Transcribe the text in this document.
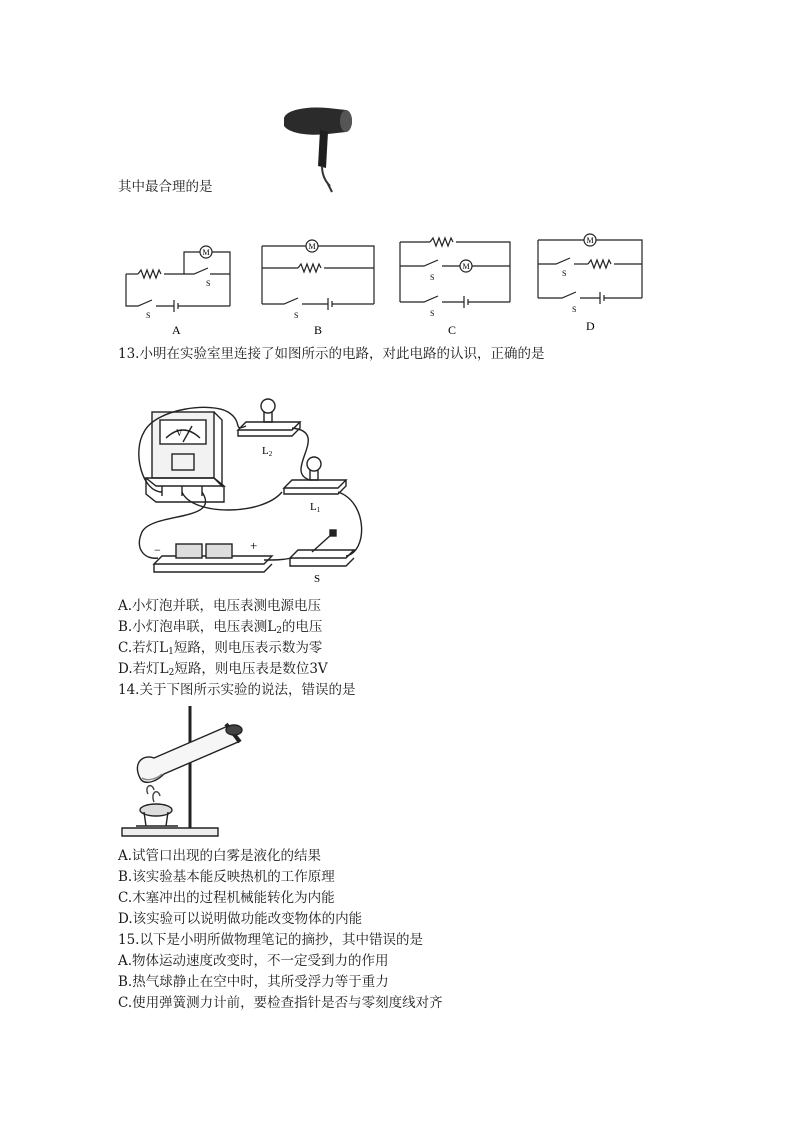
其中最合理的是
M
S
S
A
M
S
B
M
S
S
C
M
S
S
D
13.小明在实验室里连接了如图所示的电路，对此电路的认识，正确的是
V
L2
L1
−	+
S
A.小灯泡并联，电压表测电源电压
B.小灯泡串联，电压表测$L_2$的电压
C.若灯$L_1$短路，则电压表示数为零
D.若灯$L_2$短路，则电压表是数位3V
14.关于下图所示实验的说法，错误的是
A.试管口出现的白雾是液化的结果
B.该实验基本能反映热机的工作原理
C.木塞冲出的过程机械能转化为内能
D.该实验可以说明做功能改变物体的内能
15.以下是小明所做物理笔记的摘抄，其中错误的是
A.物体运动速度改变时，不一定受到力的作用
B.热气球静止在空中时，其所受浮力等于重力
C.使用弹簧测力计前，要检查指针是否与零刻度线对齐
